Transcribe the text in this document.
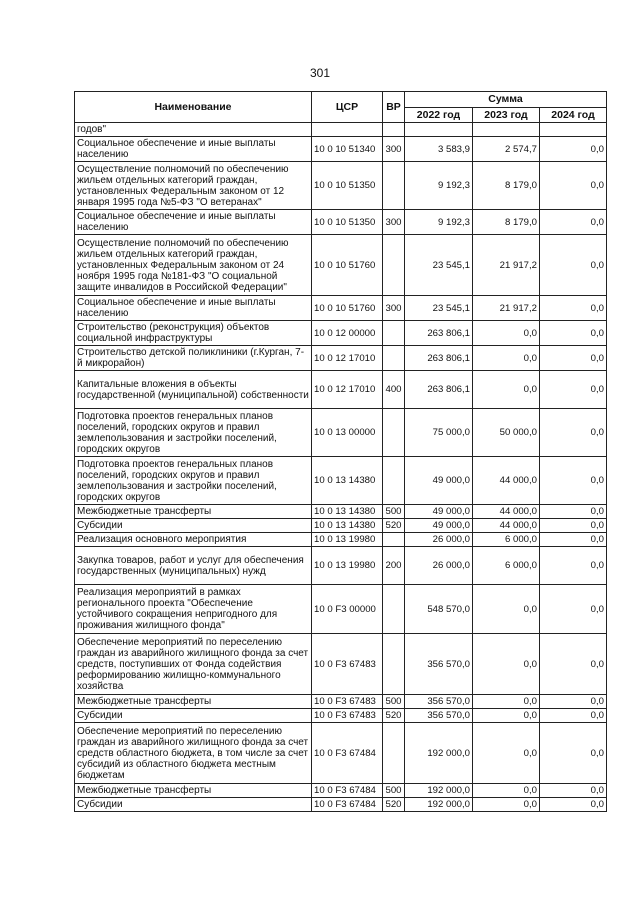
301
Наименование	ЦСР	ВР	Сумма		
			2022 год	2023 год	2024 год
годов"					
Социальное обеспечение и иные выплаты населению	10 0 10 51340	300	3 583,9	2 574,7	0,0
Осуществление полномочий по обеспечению жильем отдельных категорий граждан, установленных Федеральным законом от 12 января 1995 года №5-ФЗ "О ветеранах"	10 0 10 51350		9 192,3	8 179,0	0,0
Социальное обеспечение и иные выплаты населению	10 0 10 51350	300	9 192,3	8 179,0	0,0
Осуществление полномочий по обеспечению жильем отдельных категорий граждан, установленных Федеральным законом от 24 ноября 1995 года №181-ФЗ "О социальной защите инвалидов в Российской Федерации"	10 0 10 51760		23 545,1	21 917,2	0,0
Социальное обеспечение и иные выплаты населению	10 0 10 51760	300	23 545,1	21 917,2	0,0
Строительство (реконструкция) объектов социальной инфраструктуры	10 0 12 00000		263 806,1	0,0	0,0
Строительство детской поликлиники (г.Курган, 7-й микрорайон)	10 0 12 17010		263 806,1	0,0	0,0
Капитальные вложения в объекты государственной (муниципальной) собственности	10 0 12 17010	400	263 806,1	0,0	0,0
Подготовка проектов генеральных планов поселений, городских округов и правил землепользования и застройки поселений, городских округов	10 0 13 00000		75 000,0	50 000,0	0,0
Подготовка проектов генеральных планов поселений, городских округов и правил землепользования и застройки поселений, городских округов	10 0 13 14380		49 000,0	44 000,0	0,0
Межбюджетные трансферты	10 0 13 14380	500	49 000,0	44 000,0	0,0
Субсидии	10 0 13 14380	520	49 000,0	44 000,0	0,0
Реализация основного мероприятия	10 0 13 19980		26 000,0	6 000,0	0,0
Закупка товаров, работ и услуг для обеспечения государственных (муниципальных) нужд	10 0 13 19980	200	26 000,0	6 000,0	0,0
Реализация мероприятий в рамках регионального проекта "Обеспечение устойчивого сокращения непригодного для проживания жилищного фонда"	10 0 F3 00000		548 570,0	0,0	0,0
Обеспечение мероприятий по переселению граждан из аварийного жилищного фонда за счет средств, поступивших от Фонда содействия реформированию жилищно-коммунального хозяйства	10 0 F3 67483		356 570,0	0,0	0,0
Межбюджетные трансферты	10 0 F3 67483	500	356 570,0	0,0	0,0
Субсидии	10 0 F3 67483	520	356 570,0	0,0	0,0
Обеспечение мероприятий по переселению граждан из аварийного жилищного фонда за счет средств областного бюджета, в том числе за счет субсидий из областного бюджета местным бюджетам	10 0 F3 67484		192 000,0	0,0	0,0
Межбюджетные трансферты	10 0 F3 67484	500	192 000,0	0,0	0,0
Субсидии	10 0 F3 67484	520	192 000,0	0,0	0,0
